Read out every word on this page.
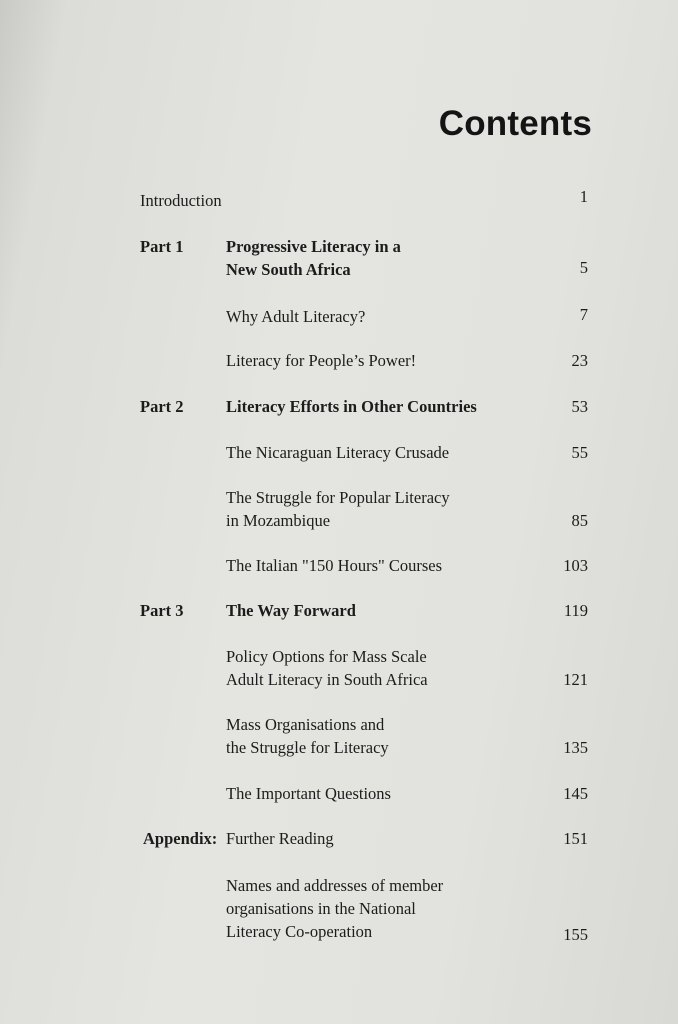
Contents
Introduction	1
Part 1	Progressive Literacy in a
New South Africa	5
Why Adult Literacy?	7
Literacy for People’s Power!	23
Part 2	Literacy Efforts in Other Countries	53
The Nicaraguan Literacy Crusade	55
The Struggle for Popular Literacy
in Mozambique	85
The Italian "150 Hours" Courses	103
Part 3	The Way Forward	119
Policy Options for Mass Scale
Adult Literacy in South Africa	121
Mass Organisations and
the Struggle for Literacy	135
The Important Questions	145
Appendix: Further Reading	151
Names and addresses of member
organisations in the National
Literacy Co-operation	155
